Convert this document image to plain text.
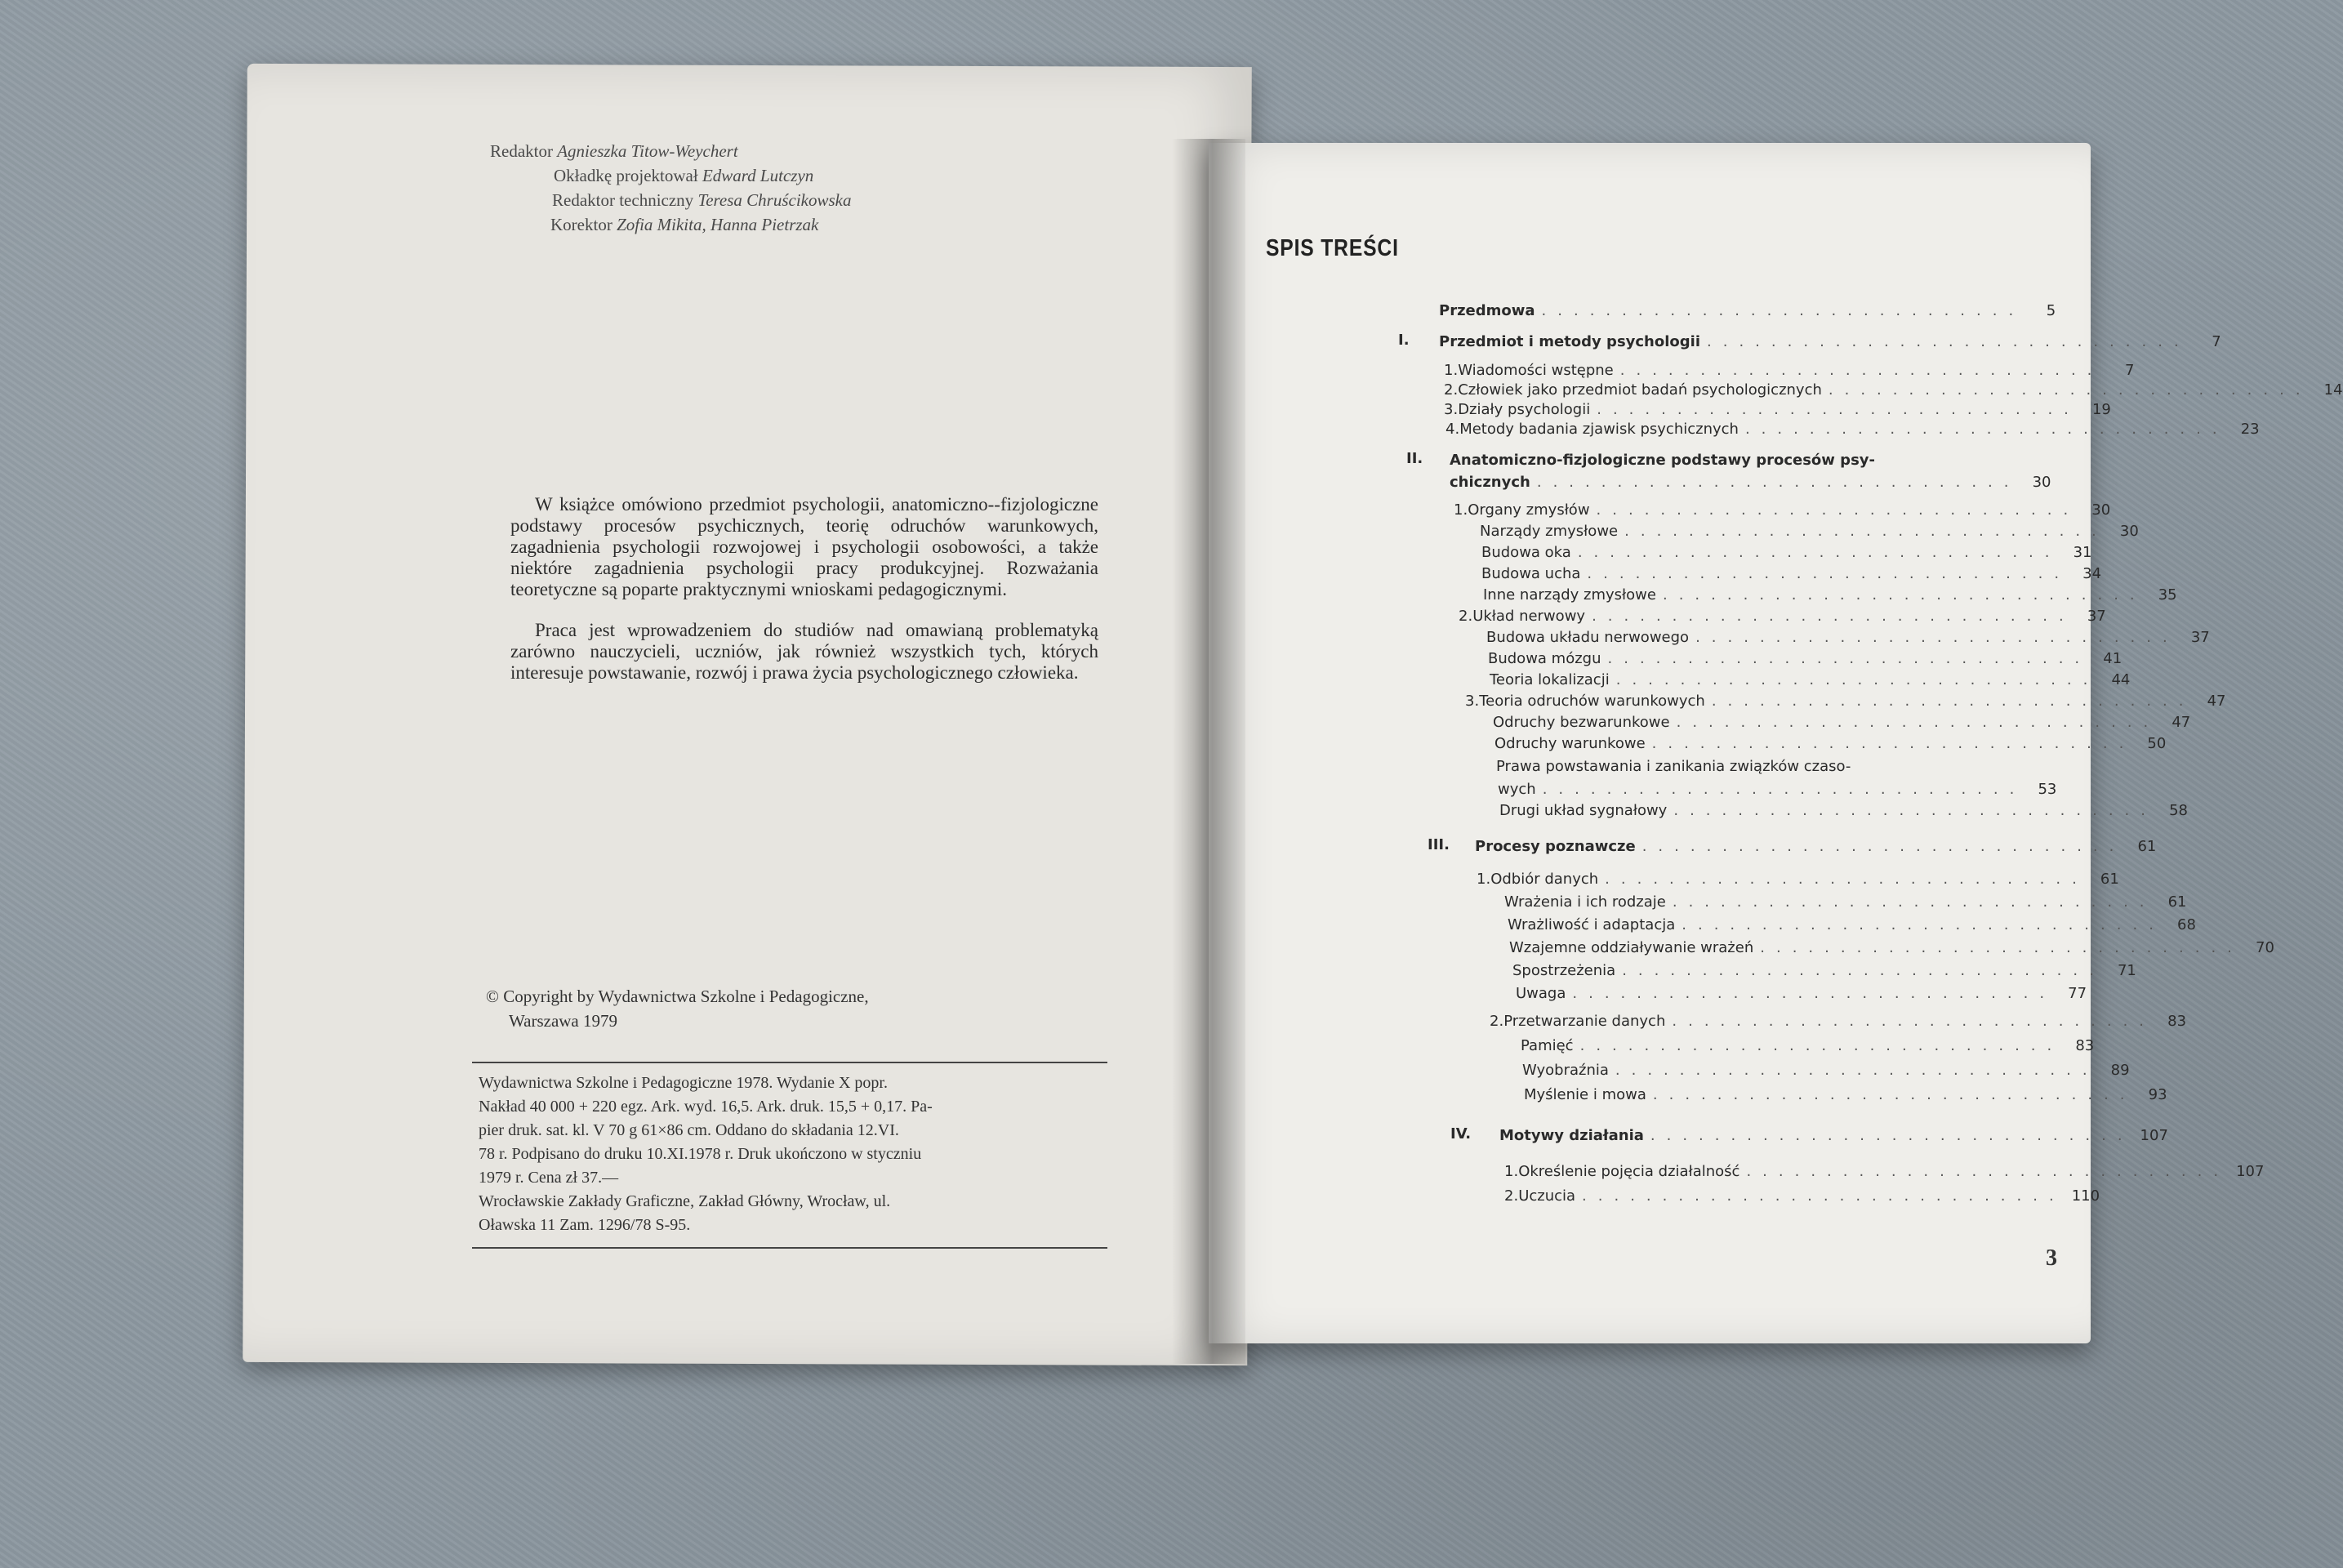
Redaktor Agnieszka Titow-Weychert
Okładkę projektował Edward Lutczyn
Redaktor techniczny Teresa Chruścikowska
Korektor Zofia Mikita, Hanna Pietrzak

W książce omówiono przedmiot psychologii, anatomiczno--fizjologiczne podstawy procesów psychicznych, teorię odruchów warunkowych, zagadnienia psychologii rozwojowej i psychologii osobowości, a także niektóre zagadnienia psychologii pracy produkcyjnej. Rozważania teoretyczne są poparte praktycznymi wnioskami pedagogicznymi.

Praca jest wprowadzeniem do studiów nad omawianą problematyką zarówno nauczycieli, uczniów, jak również wszystkich tych, których interesuje powstawanie, rozwój i prawa życia psychologicznego człowieka.

© Copyright by Wydawnictwa Szkolne i Pedagogiczne,
Warszawa 1979
Wydawnictwa Szkolne i Pedagogiczne 1978. Wydanie X popr.
Nakład 40 000 + 220 egz. Ark. wyd. 16,5. Ark. druk. 15,5 + 0,17. Pa-
pier druk. sat. kl. V 70 g 61×86 cm. Oddano do składania 12.VI.
78 r. Podpisano do druku 10.XI.1978 r. Druk ukończono w styczniu
1979 r. Cena zł 37.—
Wrocławskie Zakłady Graficzne, Zakład Główny, Wrocław, ul.
Oławska 11 Zam. 1296/78 S-95.
SPIS TREŚCI
Przedmowa ..............................	5
I. Przedmiot i metody psychologii ..............................	7
1. Wiadomości wstępne ..............................	7
2. Człowiek jako przedmiot badań psychologicznych .............................. 14
3. Działy psychologii .............................. 19
4. Metody badania zjawisk psychicznych .............................. 23
II. Anatomiczno-fizjologiczne podstawy procesów psy-
chicznych .............................. 30
1. Organy zmysłów .............................. 30
Narządy zmysłowe .............................. 30
Budowa oka .............................. 31
Budowa ucha .............................. 34
Inne narządy zmysłowe .............................. 35
2. Układ nerwowy .............................. 37
Budowa układu nerwowego .............................. 37
Budowa mózgu .............................. 41
Teoria lokalizacji .............................. 44
3. Teoria odruchów warunkowych .............................. 47
Odruchy bezwarunkowe .............................. 47
Odruchy warunkowe .............................. 50
Prawa powstawania i zanikania związków czaso-
wych .............................. 53
Drugi układ sygnałowy .............................. 58
III. Procesy poznawcze .............................. 61
1. Odbiór danych .............................. 61
Wrażenia i ich rodzaje .............................. 61
Wrażliwość i adaptacja .............................. 68
Wzajemne oddziaływanie wrażeń .............................. 70
Spostrzeżenia .............................. 71
Uwaga .............................. 77
2. Przetwarzanie danych .............................. 83
Pamięć .............................. 83
Wyobraźnia .............................. 89
Myślenie i mowa .............................. 93
IV. Motywy działania .............................. 107
1. Określenie pojęcia działalność .............................. 107
2. Uczucia .............................. 110
3
